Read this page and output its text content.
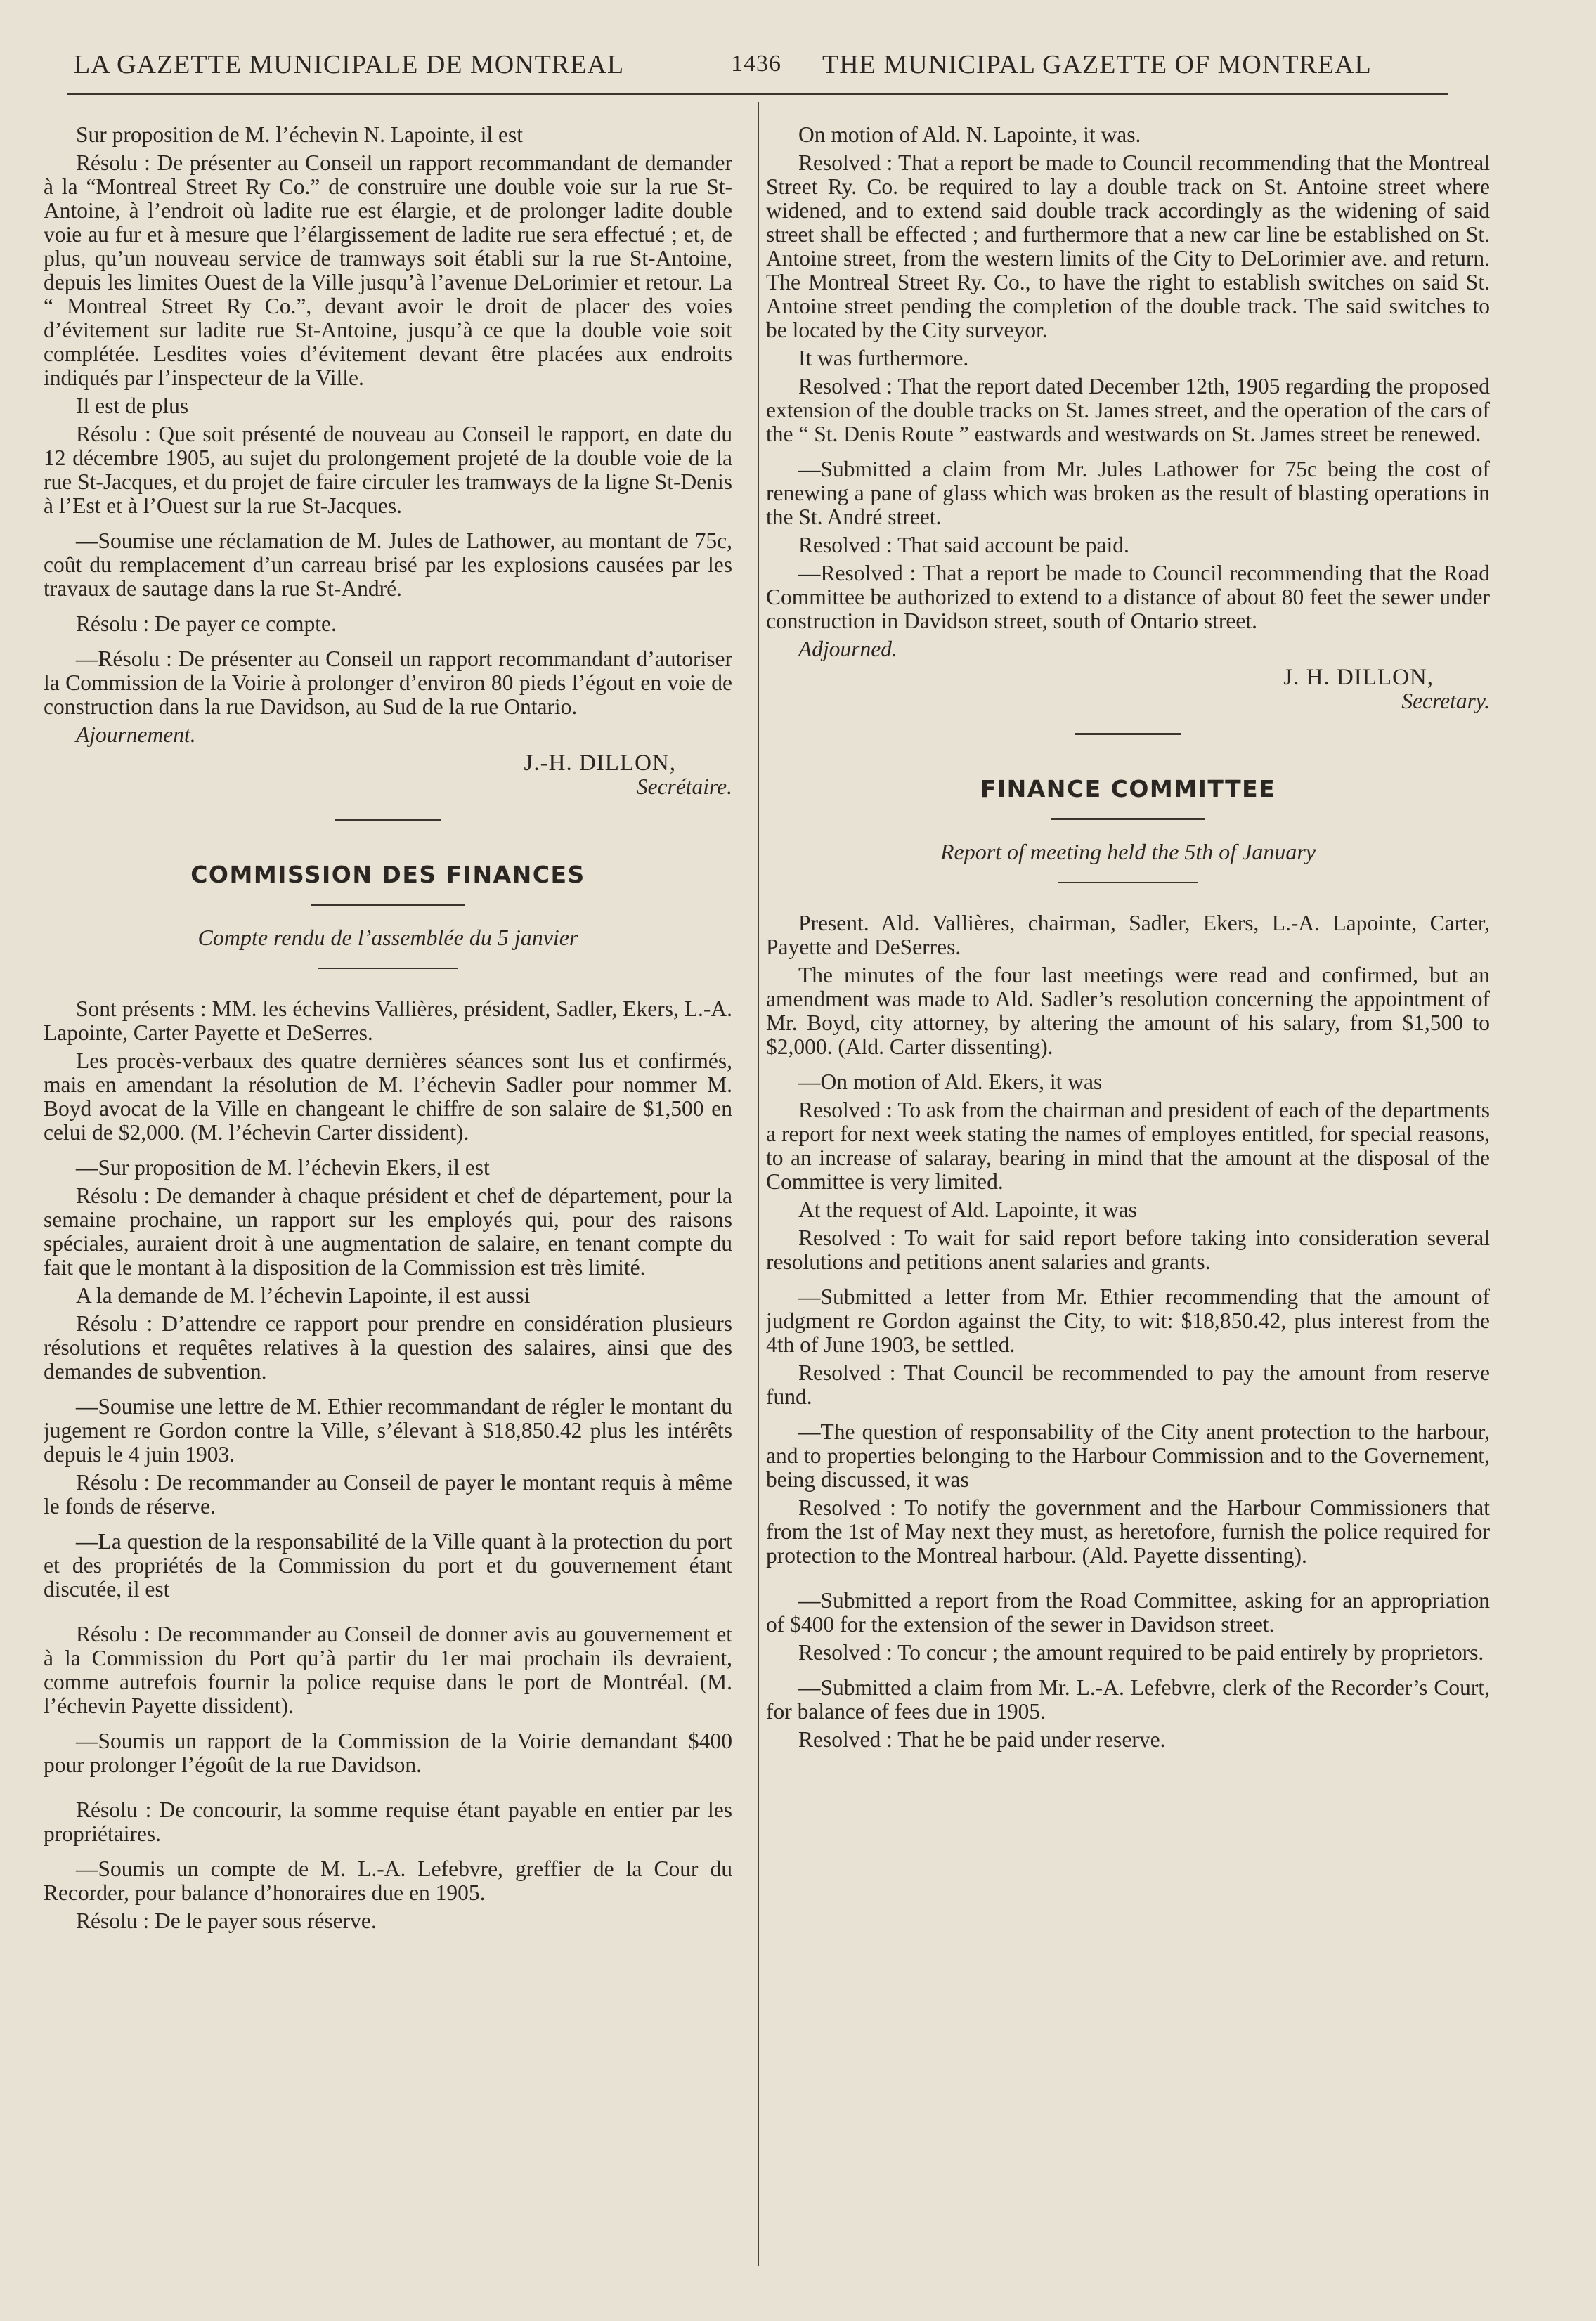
LA GAZETTE MUNICIPALE DE MONTREAL	1436 THE MUNICIPAL GAZETTE OF MONTREAL

Sur proposition de M. l’échevin N. Lapointe, il est

Résolu : De présenter au Conseil un rapport recommandant de demander à la “Montreal Street Ry Co.” de construire une double voie sur la rue St-Antoine, à l’endroit où ladite rue est élargie, et de prolonger ladite double voie au fur et à mesure que l’élargissement de ladite rue sera effectué ; et, de plus, qu’un nouveau service de tramways soit établi sur la rue St-Antoine, depuis les limites Ouest de la Ville jusqu’à l’avenue DeLorimier et retour. La “ Montreal Street Ry Co.”, devant avoir le droit de placer des voies d’évitement sur ladite rue St-Antoine, jusqu’à ce que la double voie soit complétée. Lesdites voies d’évitement devant être placées aux endroits indiqués par l’inspecteur de la Ville.

Il est de plus

Résolu : Que soit présenté de nouveau au Conseil le rapport, en date du 12 décembre 1905, au sujet du prolongement projeté de la double voie de la rue St-Jacques, et du projet de faire circuler les tramways de la ligne St-Denis à l’Est et à l’Ouest sur la rue St-Jacques.

—Soumise une réclamation de M. Jules de Lathower, au montant de 75c, coût du remplacement d’un carreau brisé par les explosions causées par les travaux de sautage dans la rue St-André.

Résolu : De payer ce compte.

—Résolu : De présenter au Conseil un rapport recommandant d’autoriser la Commission de la Voirie à prolonger d’environ 80 pieds l’égout en voie de construction dans la rue Davidson, au Sud de la rue Ontario.

Ajournement.

J.-H. DILLON,
Secrétaire.
COMMISSION DES FINANCES
Compte rendu de l’assemblée du 5 janvier

Sont présents : MM. les échevins Vallières, président, Sadler, Ekers, L.-A. Lapointe, Carter Payette et DeSerres.

Les procès-verbaux des quatre dernières séances sont lus et confirmés, mais en amendant la résolution de M. l’échevin Sadler pour nommer M. Boyd avocat de la Ville en changeant le chiffre de son salaire de $1,500 en celui de $2,000. (M. l’échevin Carter dissident).

—Sur proposition de M. l’échevin Ekers, il est

Résolu : De demander à chaque président et chef de département, pour la semaine prochaine, un rapport sur les employés qui, pour des raisons spéciales, auraient droit à une augmentation de salaire, en tenant compte du fait que le montant à la disposition de la Commission est très limité.

A la demande de M. l’échevin Lapointe, il est aussi

Résolu : D’attendre ce rapport pour prendre en considération plusieurs résolutions et requêtes relatives à la question des salaires, ainsi que des demandes de subvention.

—Soumise une lettre de M. Ethier recommandant de régler le montant du jugement re Gordon contre la Ville, s’élevant à $18,850.42 plus les intérêts depuis le 4 juin 1903.

Résolu : De recommander au Conseil de payer le montant requis à même le fonds de réserve.

—La question de la responsabilité de la Ville quant à la protection du port et des propriétés de la Commission du port et du gouvernement étant discutée, il est

Résolu : De recommander au Conseil de donner avis au gouvernement et à la Commission du Port qu’à partir du 1er mai prochain ils devraient, comme autrefois fournir la police requise dans le port de Montréal. (M. l’échevin Payette dissident).

—Soumis un rapport de la Commission de la Voirie demandant $400 pour prolonger l’égoût de la rue Davidson.

Résolu : De concourir, la somme requise étant payable en entier par les propriétaires.

—Soumis un compte de M. L.-A. Lefebvre, greffier de la Cour du Recorder, pour balance d’honoraires due en 1905.

Résolu : De le payer sous réserve.

On motion of Ald. N. Lapointe, it was.

Resolved : That a report be made to Council recommending that the Montreal Street Ry. Co. be required to lay a double track on St. Antoine street where widened, and to extend said double track accordingly as the widening of said street shall be effected ; and furthermore that a new car line be established on St. Antoine street, from the western limits of the City to DeLorimier ave. and return. The Montreal Street Ry. Co., to have the right to establish switches on said St. Antoine street pending the completion of the double track. The said switches to be located by the City surveyor.

It was furthermore.

Resolved : That the report dated December 12th, 1905 regarding the proposed extension of the double tracks on St. James street, and the operation of the cars of the “ St. Denis Route ” eastwards and westwards on St. James street be renewed.

—Submitted a claim from Mr. Jules Lathower for 75c being the cost of renewing a pane of glass which was broken as the result of blasting operations in the St. André street.

Resolved : That said account be paid.

—Resolved : That a report be made to Council recommending that the Road Committee be authorized to extend to a distance of about 80 feet the sewer under construction in Davidson street, south of Ontario street.

Adjourned.

J. H. DILLON,
Secretary.
FINANCE COMMITTEE
Report of meeting held the 5th of January

Present. Ald. Vallières, chairman, Sadler, Ekers, L.-A. Lapointe, Carter, Payette and DeSerres.

The minutes of the four last meetings were read and confirmed, but an amendment was made to Ald. Sadler’s resolution concerning the appointment of Mr. Boyd, city attorney, by altering the amount of his salary, from $1,500 to $2,000. (Ald. Carter dissenting).

—On motion of Ald. Ekers, it was

Resolved : To ask from the chairman and president of each of the departments a report for next week stating the names of employes entitled, for special reasons, to an increase of salaray, bearing in mind that the amount at the disposal of the Committee is very limited.

At the request of Ald. Lapointe, it was

Resolved : To wait for said report before taking into consideration several resolutions and petitions anent salaries and grants.

—Submitted a letter from Mr. Ethier recommending that the amount of judgment re Gordon against the City, to wit: $18,850.42, plus interest from the 4th of June 1903, be settled.

Resolved : That Council be recommended to pay the amount from reserve fund.

—The question of responsability of the City anent protection to the harbour, and to properties belonging to the Harbour Commission and to the Governement, being discussed, it was

Resolved : To notify the government and the Harbour Commissioners that from the 1st of May next they must, as heretofore, furnish the police required for protection to the Montreal harbour. (Ald. Payette dissenting).

—Submitted a report from the Road Committee, asking for an appropriation of $400 for the extension of the sewer in Davidson street.

Resolved : To concur ; the amount required to be paid entirely by proprietors.

—Submitted a claim from Mr. L.-A. Lefebvre, clerk of the Recorder’s Court, for balance of fees due in 1905.

Resolved : That he be paid under reserve.
